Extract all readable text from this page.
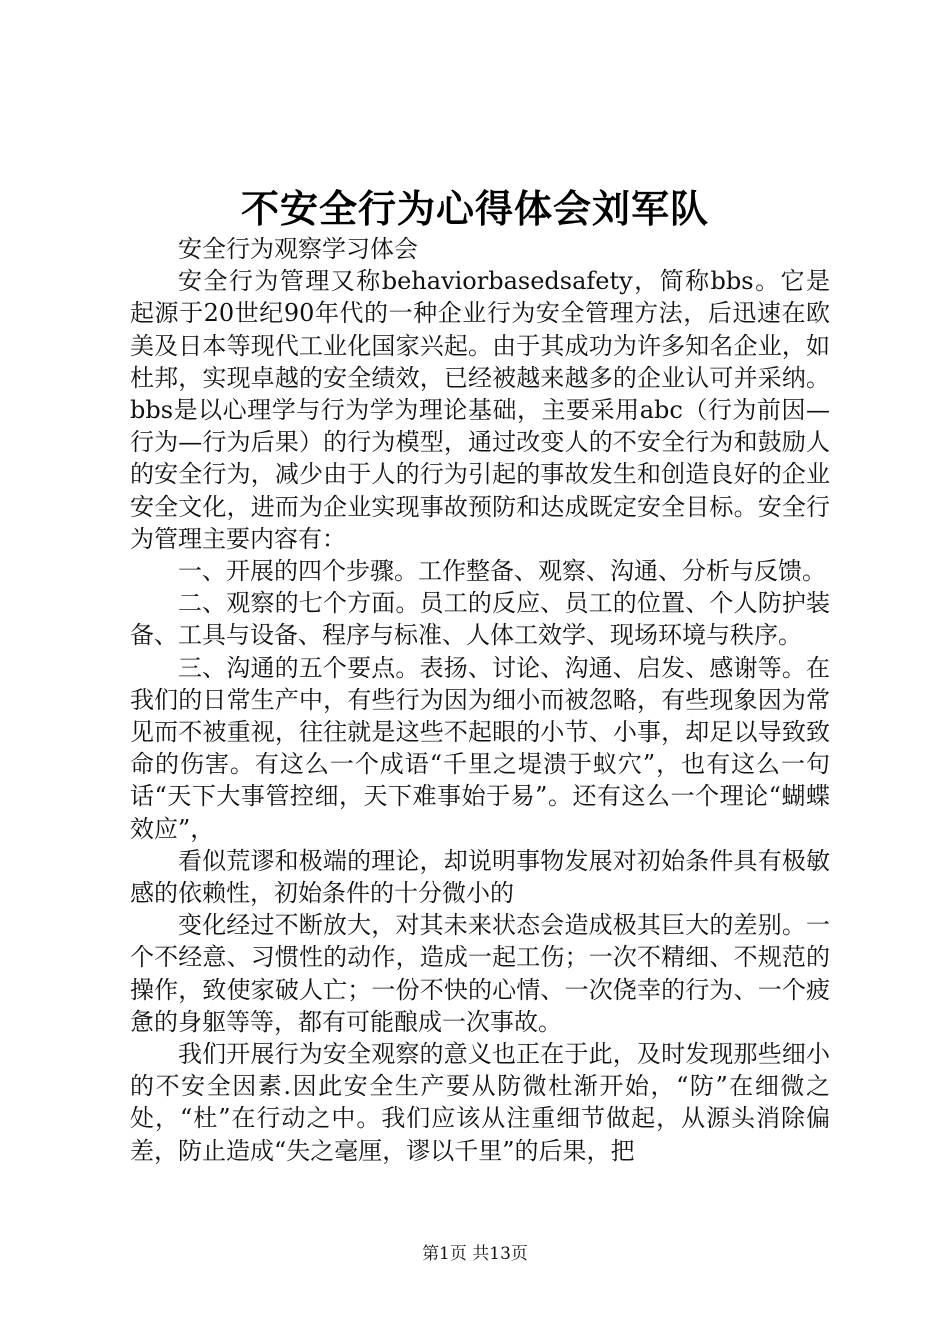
不安全行为心得体会刘军队

安全行为观察学习体会

安全行为管理又称behaviorbasedsafety，简称bbs。它是起源于20世纪90年代的一种企业行为安全管理方法，后迅速在欧美及日本等现代工业化国家兴起。由于其成功为许多知名企业，如杜邦，实现卓越的安全绩效，已经被越来越多的企业认可并采纳。bbs是以心理学与行为学为理论基础，主要采用abc（行为前因—行为—行为后果）的行为模型，通过改变人的不安全行为和鼓励人的安全行为，减少由于人的行为引起的事故发生和创造良好的企业安全文化，进而为企业实现事故预防和达成既定安全目标。安全行为管理主要内容有：

一、开展的四个步骤。工作整备、观察、沟通、分析与反馈。

二、观察的七个方面。员工的反应、员工的位置、个人防护装备、工具与设备、程序与标准、人体工效学、现场环境与秩序。

三、沟通的五个要点。表扬、讨论、沟通、启发、感谢等。在我们的日常生产中，有些行为因为细小而被忽略，有些现象因为常见而不被重视，往往就是这些不起眼的小节、小事，却足以导致致命的伤害。有这么一个成语“千里之堤溃于蚁穴”，也有这么一句话“天下大事管控细，天下难事始于易”。还有这么一个理论“蝴蝶效应”，

看似荒谬和极端的理论，却说明事物发展对初始条件具有极敏感的依赖性，初始条件的十分微小的

变化经过不断放大，对其未来状态会造成极其巨大的差别。一个不经意、习惯性的动作，造成一起工伤；一次不精细、不规范的操作，致使家破人亡；一份不快的心情、一次侥幸的行为、一个疲惫的身躯等等，都有可能酿成一次事故。

我们开展行为安全观察的意义也正在于此，及时发现那些细小的不安全因素.因此安全生产要从防微杜渐开始，“防”在细微之处，“杜”在行动之中。我们应该从注重细节做起，从源头消除偏差，防止造成“失之毫厘，谬以千里”的后果，把

第1页 共13页
